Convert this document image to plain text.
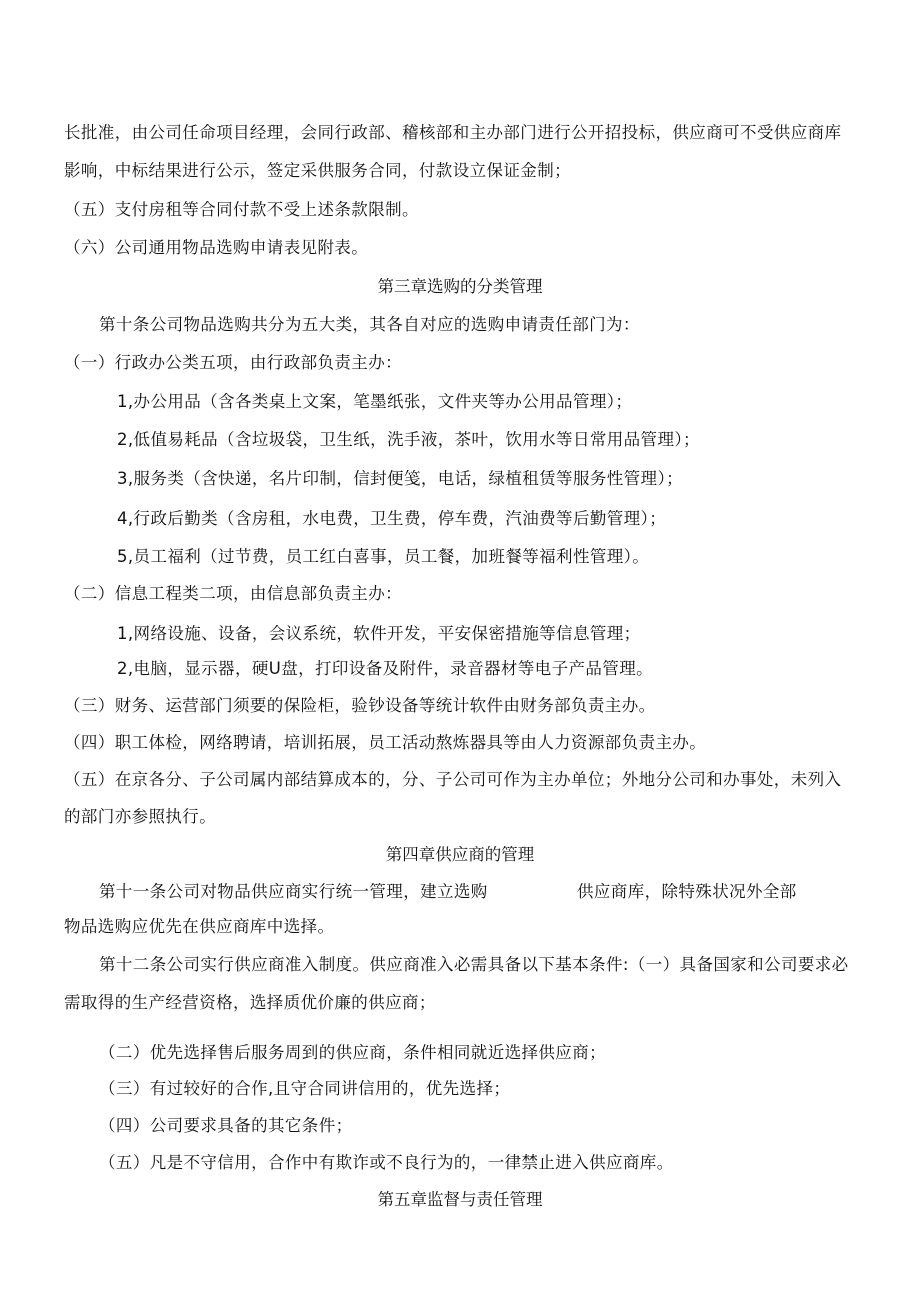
长批准，由公司任命项目经理，会同行政部、稽核部和主办部门进行公开招投标，供应商可不受供应商库
影响，中标结果进行公示，签定采供服务合同，付款设立保证金制；
（五）支付房租等合同付款不受上述条款限制。
（六）公司通用物品选购申请表见附表。
第三章选购的分类管理
第十条公司物品选购共分为五大类，其各自对应的选购申请责任部门为：
（一）行政办公类五项，由行政部负责主办：
1,办公用品（含各类桌上文案，笔墨纸张，文件夹等办公用品管理）；
2,低值易耗品（含垃圾袋，卫生纸，洗手液，茶叶，饮用水等日常用品管理）；
3,服务类（含快递，名片印制，信封便笺，电话，绿植租赁等服务性管理）；
4,行政后勤类（含房租，水电费，卫生费，停车费，汽油费等后勤管理）；
5,员工福利（过节费，员工红白喜事，员工餐，加班餐等福利性管理）。
（二）信息工程类二项，由信息部负责主办：
1,网络设施、设备，会议系统，软件开发，平安保密措施等信息管理；
2,电脑，显示器，硬U盘，打印设备及附件，录音器材等电子产品管理。
（三）财务、运营部门须要的保险柜，验钞设备等统计软件由财务部负责主办。
（四）职工体检，网络聘请，培训拓展，员工活动熬炼器具等由人力资源部负责主办。
（五）在京各分、子公司属内部结算成本的，分、子公司可作为主办单位；外地分公司和办事处，未列入
的部门亦参照执行。
第四章供应商的管理
第十一条公司对物品供应商实行统一管理，建立选购	供应商库，除特殊状况外全部
物品选购应优先在供应商库中选择。
第十二条公司实行供应商准入制度。供应商准入必需具备以下基本条件:（一）具备国家和公司要求必
需取得的生产经营资格，选择质优价廉的供应商；
（二）优先选择售后服务周到的供应商，条件相同就近选择供应商；
（三）有过较好的合作,且守合同讲信用的，优先选择；
（四）公司要求具备的其它条件；
（五）凡是不守信用，合作中有欺诈或不良行为的，一律禁止进入供应商库。
第五章监督与责任管理
